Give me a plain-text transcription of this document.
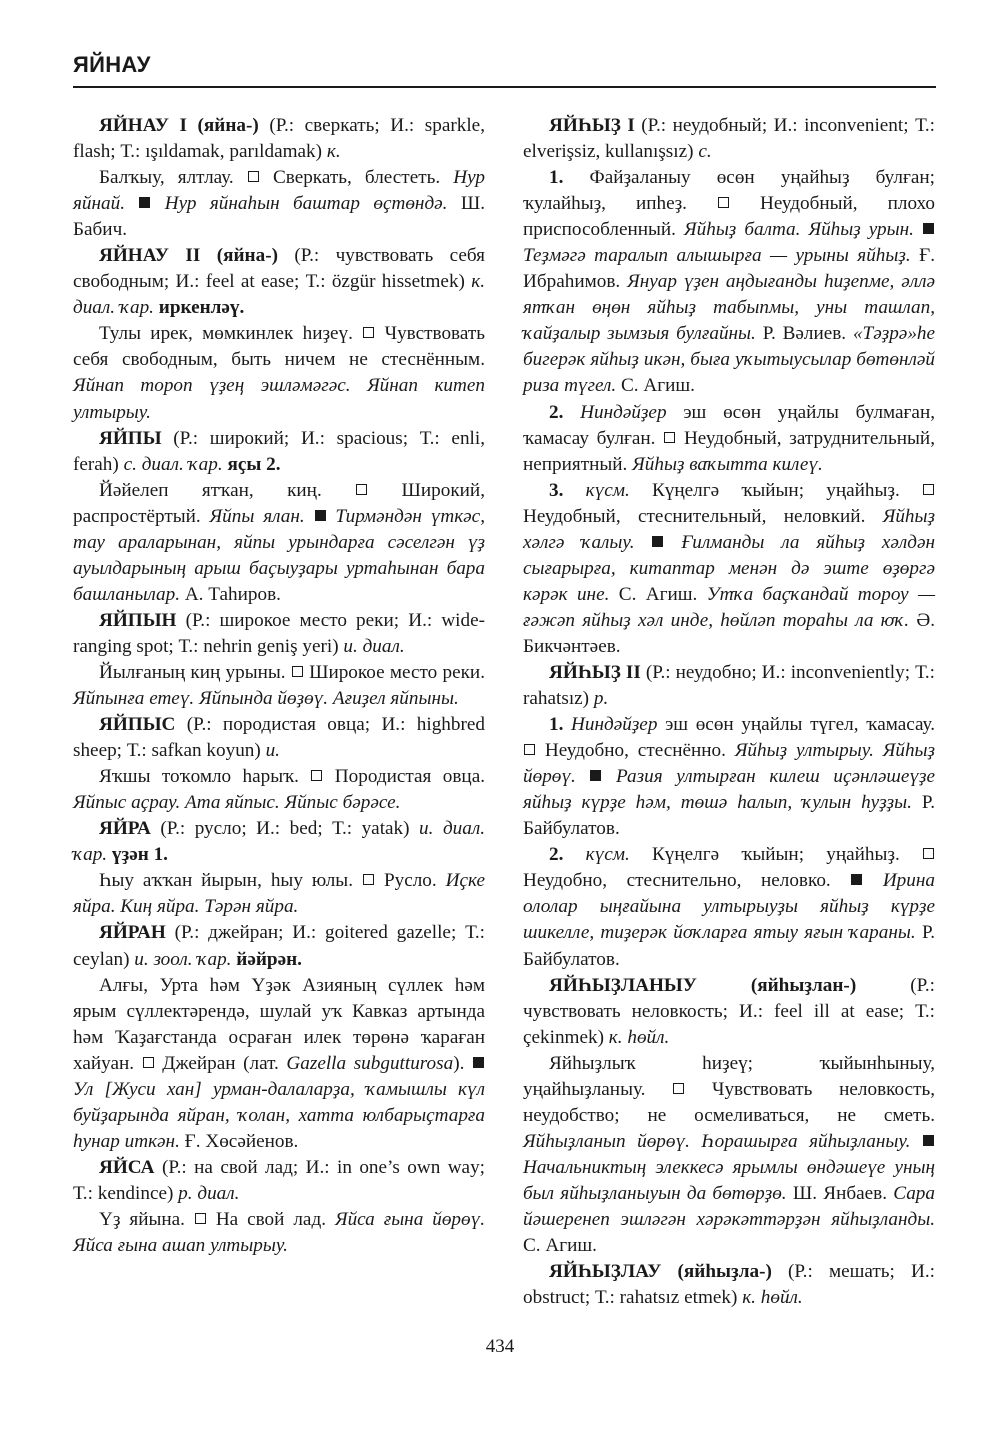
ЯЙНАУ

ЯЙНАУ I (яйна-) (Р.: сверкать; И.: sparkle, flash; Т.: ışıldamak, parıldamak) к.

Балҡыу, ялтлау. Сверкать, блестеть. Нур яйнай. Нур яйнаһын баштар өҫтөндә. Ш. Бабич.

ЯЙНАУ II (яйна-) (Р.: чувствовать себя свободным; И.: feel at ease; Т.: özgür hissetmek) к. диал. ҡар. иркенләү.

Тулы ирек, мөмкинлек һиҙеү. Чувствовать себя свободным, быть ничем не стеснённым. Яйнап тороп үҙең эшләмәгәс. Яйнап китеп ултырыу.

ЯЙПЫ (Р.: широкий; И.: spacious; Т.: enli, ferah) с. диал. ҡар. яҫы 2.

Йәйелеп ятҡан, киң.	Широкий, распростёртый. Яйпы ялан. Тирмәндән үткәс, тау араларынан, яйпы урындарға сәселгән үҙ ауылдарының арыш баҫыуҙары уртаһынан бара башланылар. А. Таһиров.

ЯЙПЫН (Р.: широкое место реки; И.: wide-ranging spot; Т.: nehrin geniş yeri) и. диал.

Йылғаның киң урыны. Широкое место реки. Яйпынға етеү. Яйпында йөҙөү. Ағиҙел яйпыны.

ЯЙПЫС (Р.: породистая овца; И.: highbred sheep; Т.: safkan koyun) и.

Яҡшы тоҡомло һарыҡ. Породистая овца. Яйпыс аҫрау. Ата яйпыс. Яйпыс бәрәсе.

ЯЙРА (Р.: русло; И.: bed; Т.: yatak) и. диал. ҡар. үҙән 1.

Һыу аҡҡан йырын, һыу юлы. Русло. Иҫке яйра. Киң яйра. Тәрән яйра.

ЯЙРАН (Р.: джейран; И.: goitered gazelle; Т.: ceylan) и. зоол. ҡар. йәйрән.

Алғы, Урта һәм Үҙәк Азияның сүллек һәм ярым сүллектәрендә, шулай уҡ Кавказ артында һәм Ҡаҙағстанда осраған илек төрөнә ҡараған хайуан. Джейран (лат. Gazella subgutturosa).  Ул [Жуси хан] урман-далаларҙа, ҡамышлы күл буйҙарында яйран, ҡолан, хатта юлбарыҫтарға һунар иткән. Ғ. Хөсәйенов.

ЯЙСА (Р.: на свой лад; И.: in one’s own way; Т.: kendince) р. диал.

Үҙ яйына. На свой лад. Яйса ғына йөрөү. Яйса ғына ашап ултырыу.

ЯЙҺЫҘ I (Р.: неудобный; И.: inconvenient; Т.: elverişsiz, kullanışsız) с.

1. Файҙаланыу өсөн уңайһыҙ булған; ҡулайһыҙ, ипһеҙ.	Неудобный, плохо приспособленный. Яйһыҙ балта. Яйһыҙ урын.  Теҙмәгә таралып алышырға — урыны яйһыҙ. Ғ. Ибраһимов. Януар үҙен аңдығанды һиҙепме, әллә ятҡан өңөн яйһыҙ табыпмы, уны ташлап, ҡайҙалыр зымзыя булғайны. Р. Вәлиев. «Тәҙрә»һе бигерәк яйһыҙ икән, быға уҡытыусылар бөтөнләй риза түгел. С. Агиш.

2. Ниндәйҙер эш өсөн уңайлы булмаған, ҡамасау булған. Неудобный, затруднительный, неприятный. Яйһыҙ ваҡытта килеү.

3. күсм. Күңелгә ҡыйын; уңайһыҙ.  Неудобный, стеснительный, неловкий. Яйһыҙ хәлгә ҡалыу. Ғилманды ла яйһыҙ хәлдән сығарырға, китаптар менән дә эште өҙөргә кәрәк ине. С. Агиш. Утҡа баҫҡандай тороу — ғәжәп яйһыҙ хәл инде, һөйләп тораһы ла юҡ. Ә. Бикчәнтәев.

ЯЙҺЫҘ II (Р.: неудобно; И.: inconveniently; Т.: rahatsız) р.

1. Ниндәйҙер эш өсөн уңайлы түгел, ҡамасау.  Неудобно, стеснённо. Яйһыҙ ултырыу. Яйһыҙ йөрөү. Разия ултырған килеш иҫәнләшеүҙе яйһыҙ күрҙе һәм, төшә һалып, ҡулын һуҙҙы. Р. Байбулатов.

2. күсм. Күңелгә ҡыйын; уңайһыҙ.  Неудобно, стеснительно, неловко.	Ирина ололар ыңғайына ултырыуҙы яйһыҙ күрҙе шикелле, тиҙерәк йоҡларға ятыу яғын ҡараны. Р. Байбулатов.

ЯЙҺЫҘЛАНЫУ (яйһыҙлан-)	(Р.: чувствовать неловкость; И.: feel ill at ease; Т.: çekinmek) к. һөйл.

Яйһыҙлыҡ һиҙеү; ҡыйынһыныу, уңайһыҙланыу.	Чувствовать неловкость, неудобство; не осмеливаться, не сметь. Яйһыҙланып йөрөү. Һорашырға яйһыҙланыу.  Начальниктың элеккесә ярымлы өндәшеүе уның был яйһыҙланыуын да бөтөрҙө. Ш. Янбаев. Сара йәшеренеп эшләгән хәрәкәттәрҙән яйһыҙланды. С. Агиш.

ЯЙҺЫҘЛАУ (яйһыҙла-) (Р.: мешать; И.: obstruct; Т.: rahatsız etmek) к. һөйл.

434
